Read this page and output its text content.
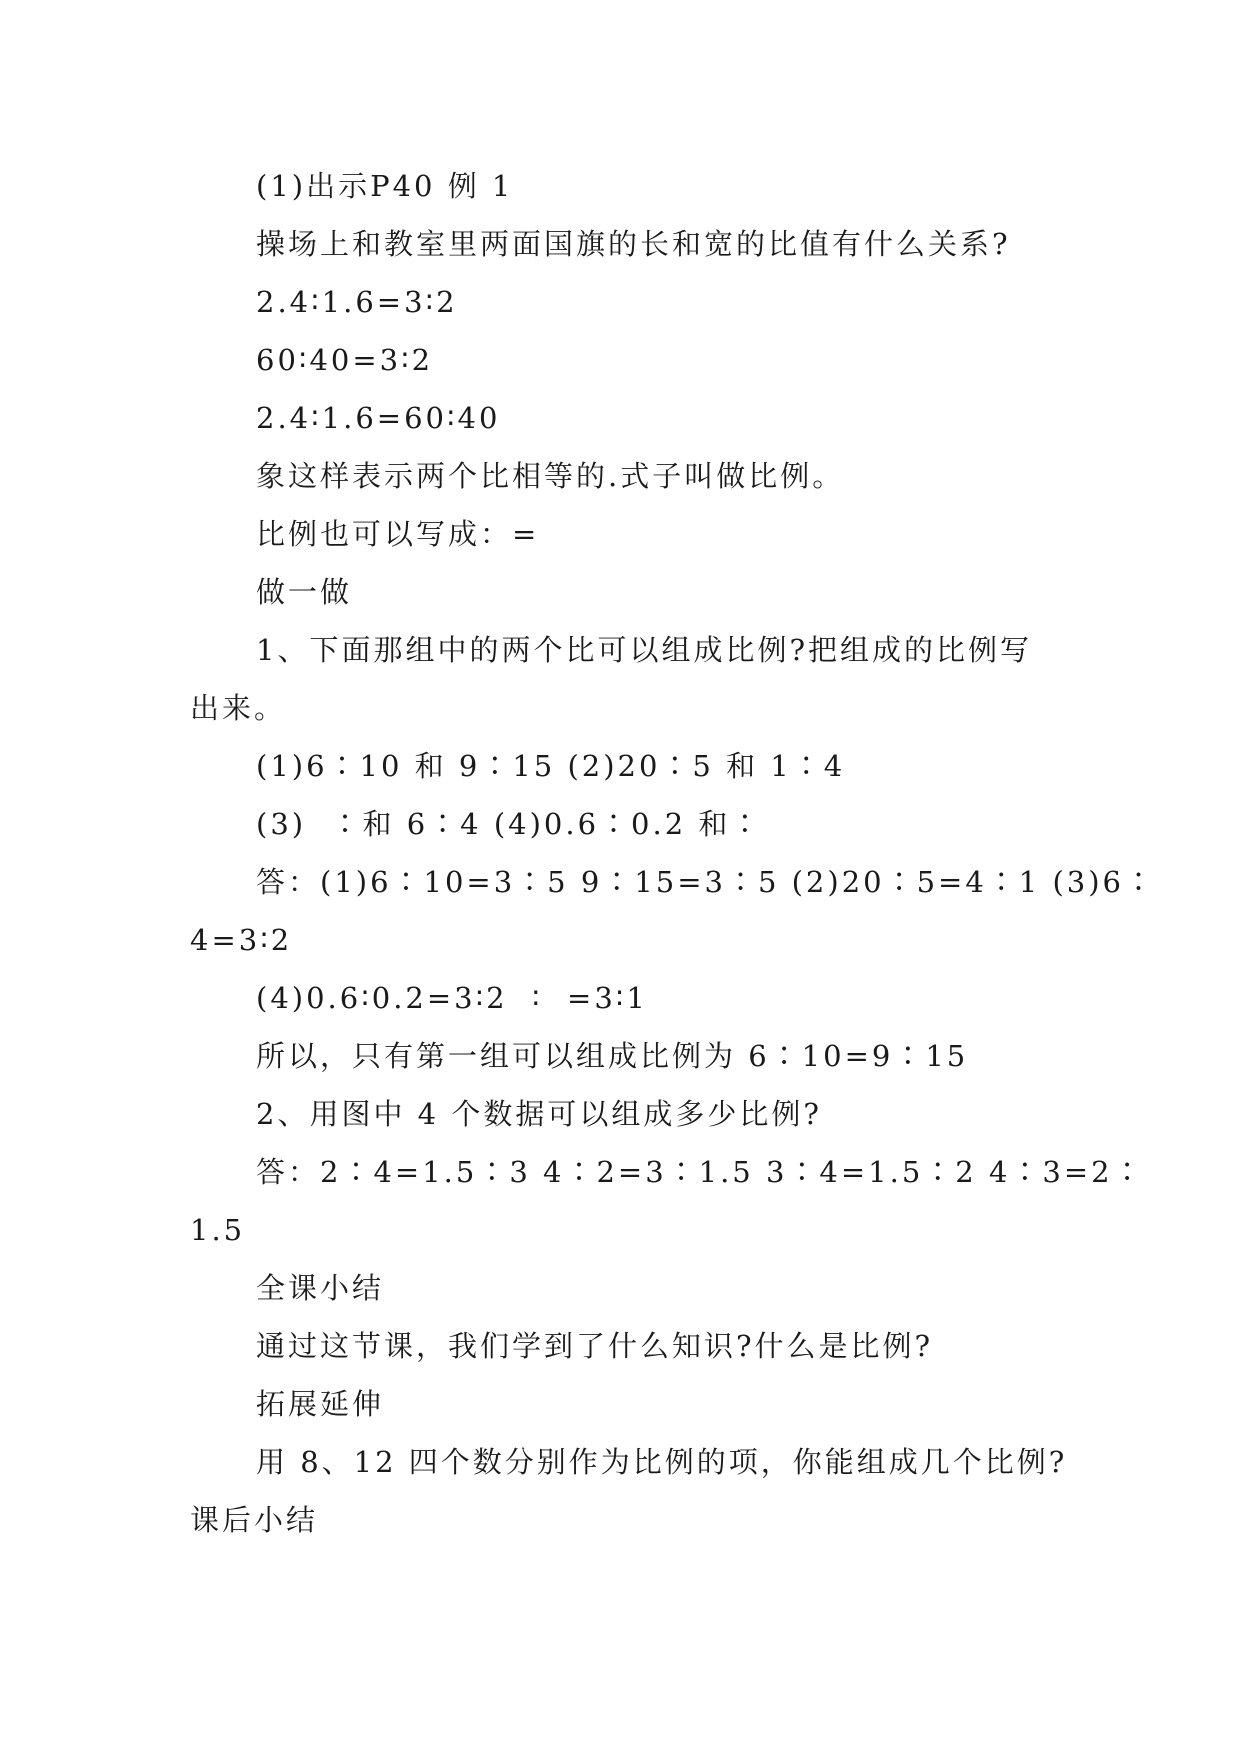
(1)出示P40 例 1
操场上和教室里两面国旗的长和宽的比值有什么关系?
2.4∶1.6=3∶2
60∶40=3∶2
2.4∶1.6=60∶40
象这样表示两个比相等的.式子叫做比例。
比例也可以写成：=
做一做
1、下面那组中的两个比可以组成比例?把组成的比例写
出来。
(1)6∶10 和 9∶15 (2)20∶5 和 1∶4
(3)  ∶和 6∶4 (4)0.6∶0.2 和∶
答：(1)6∶10=3∶5 9∶15=3∶5 (2)20∶5=4∶1 (3)6∶
4=3∶2
(4)0.6∶0.2=3∶2  ∶  =3∶1
所以，只有第一组可以组成比例为 6∶10=9∶15
2、用图中 4 个数据可以组成多少比例?
答：2∶4=1.5∶3 4∶2=3∶1.5 3∶4=1.5∶2 4∶3=2∶
1.5
全课小结
通过这节课，我们学到了什么知识?什么是比例?
拓展延伸
用 8、12 四个数分别作为比例的项，你能组成几个比例?
课后小结
